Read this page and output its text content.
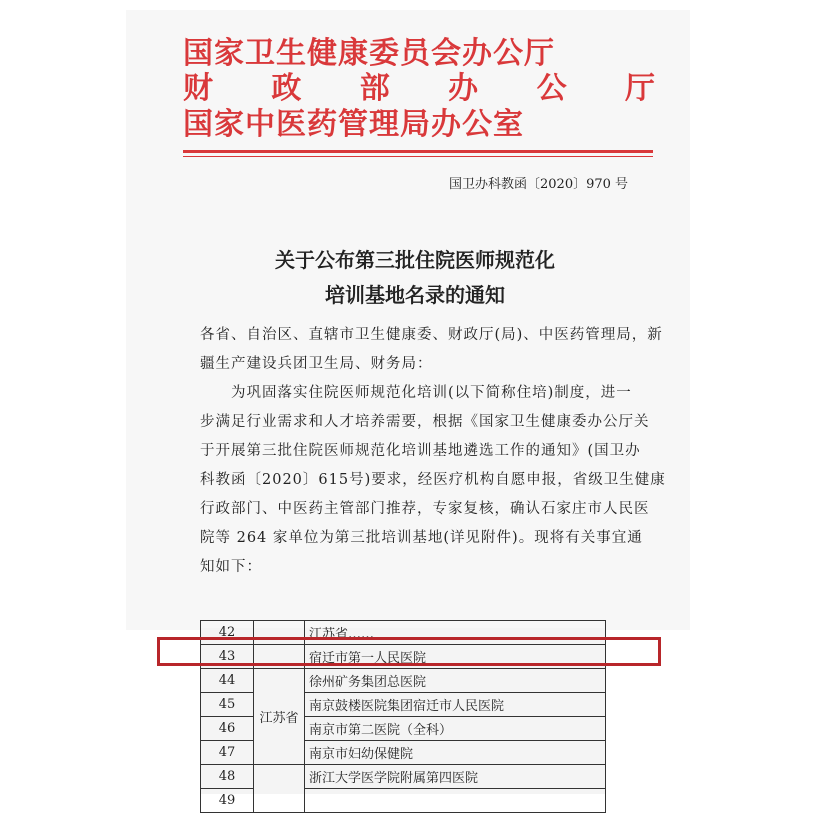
国家卫生健康委员会办公厅
财 政 部 办 公 厅
国家中医药管理局办公室
国卫办科教函〔2020〕970 号
关于公布第三批住院医师规范化
培训基地名录的通知
各省、自治区、直辖市卫生健康委、财政厅(局)、中医药管理局，新
疆生产建设兵团卫生局、财务局：
　　为巩固落实住院医师规范化培训(以下简称住培)制度，进一
步满足行业需求和人才培养需要，根据《国家卫生健康委办公厅关
于开展第三批住院医师规范化培训基地遴选工作的通知》(国卫办
科教函〔2020〕615号)要求，经医疗机构自愿申报，省级卫生健康
行政部门、中医药主管部门推荐，专家复核，确认石家庄市人民医
院等 264 家单位为第三批培训基地(详见附件)。现将有关事宜通
知如下：
42		江苏省……
43		宿迁市第一人民医院
44	江苏省	徐州矿务集团总医院
45		南京鼓楼医院集团宿迁市人民医院
46		南京市第二医院（全科）
47		南京市妇幼保健院
48		浙江大学医学院附属第四医院
49		
